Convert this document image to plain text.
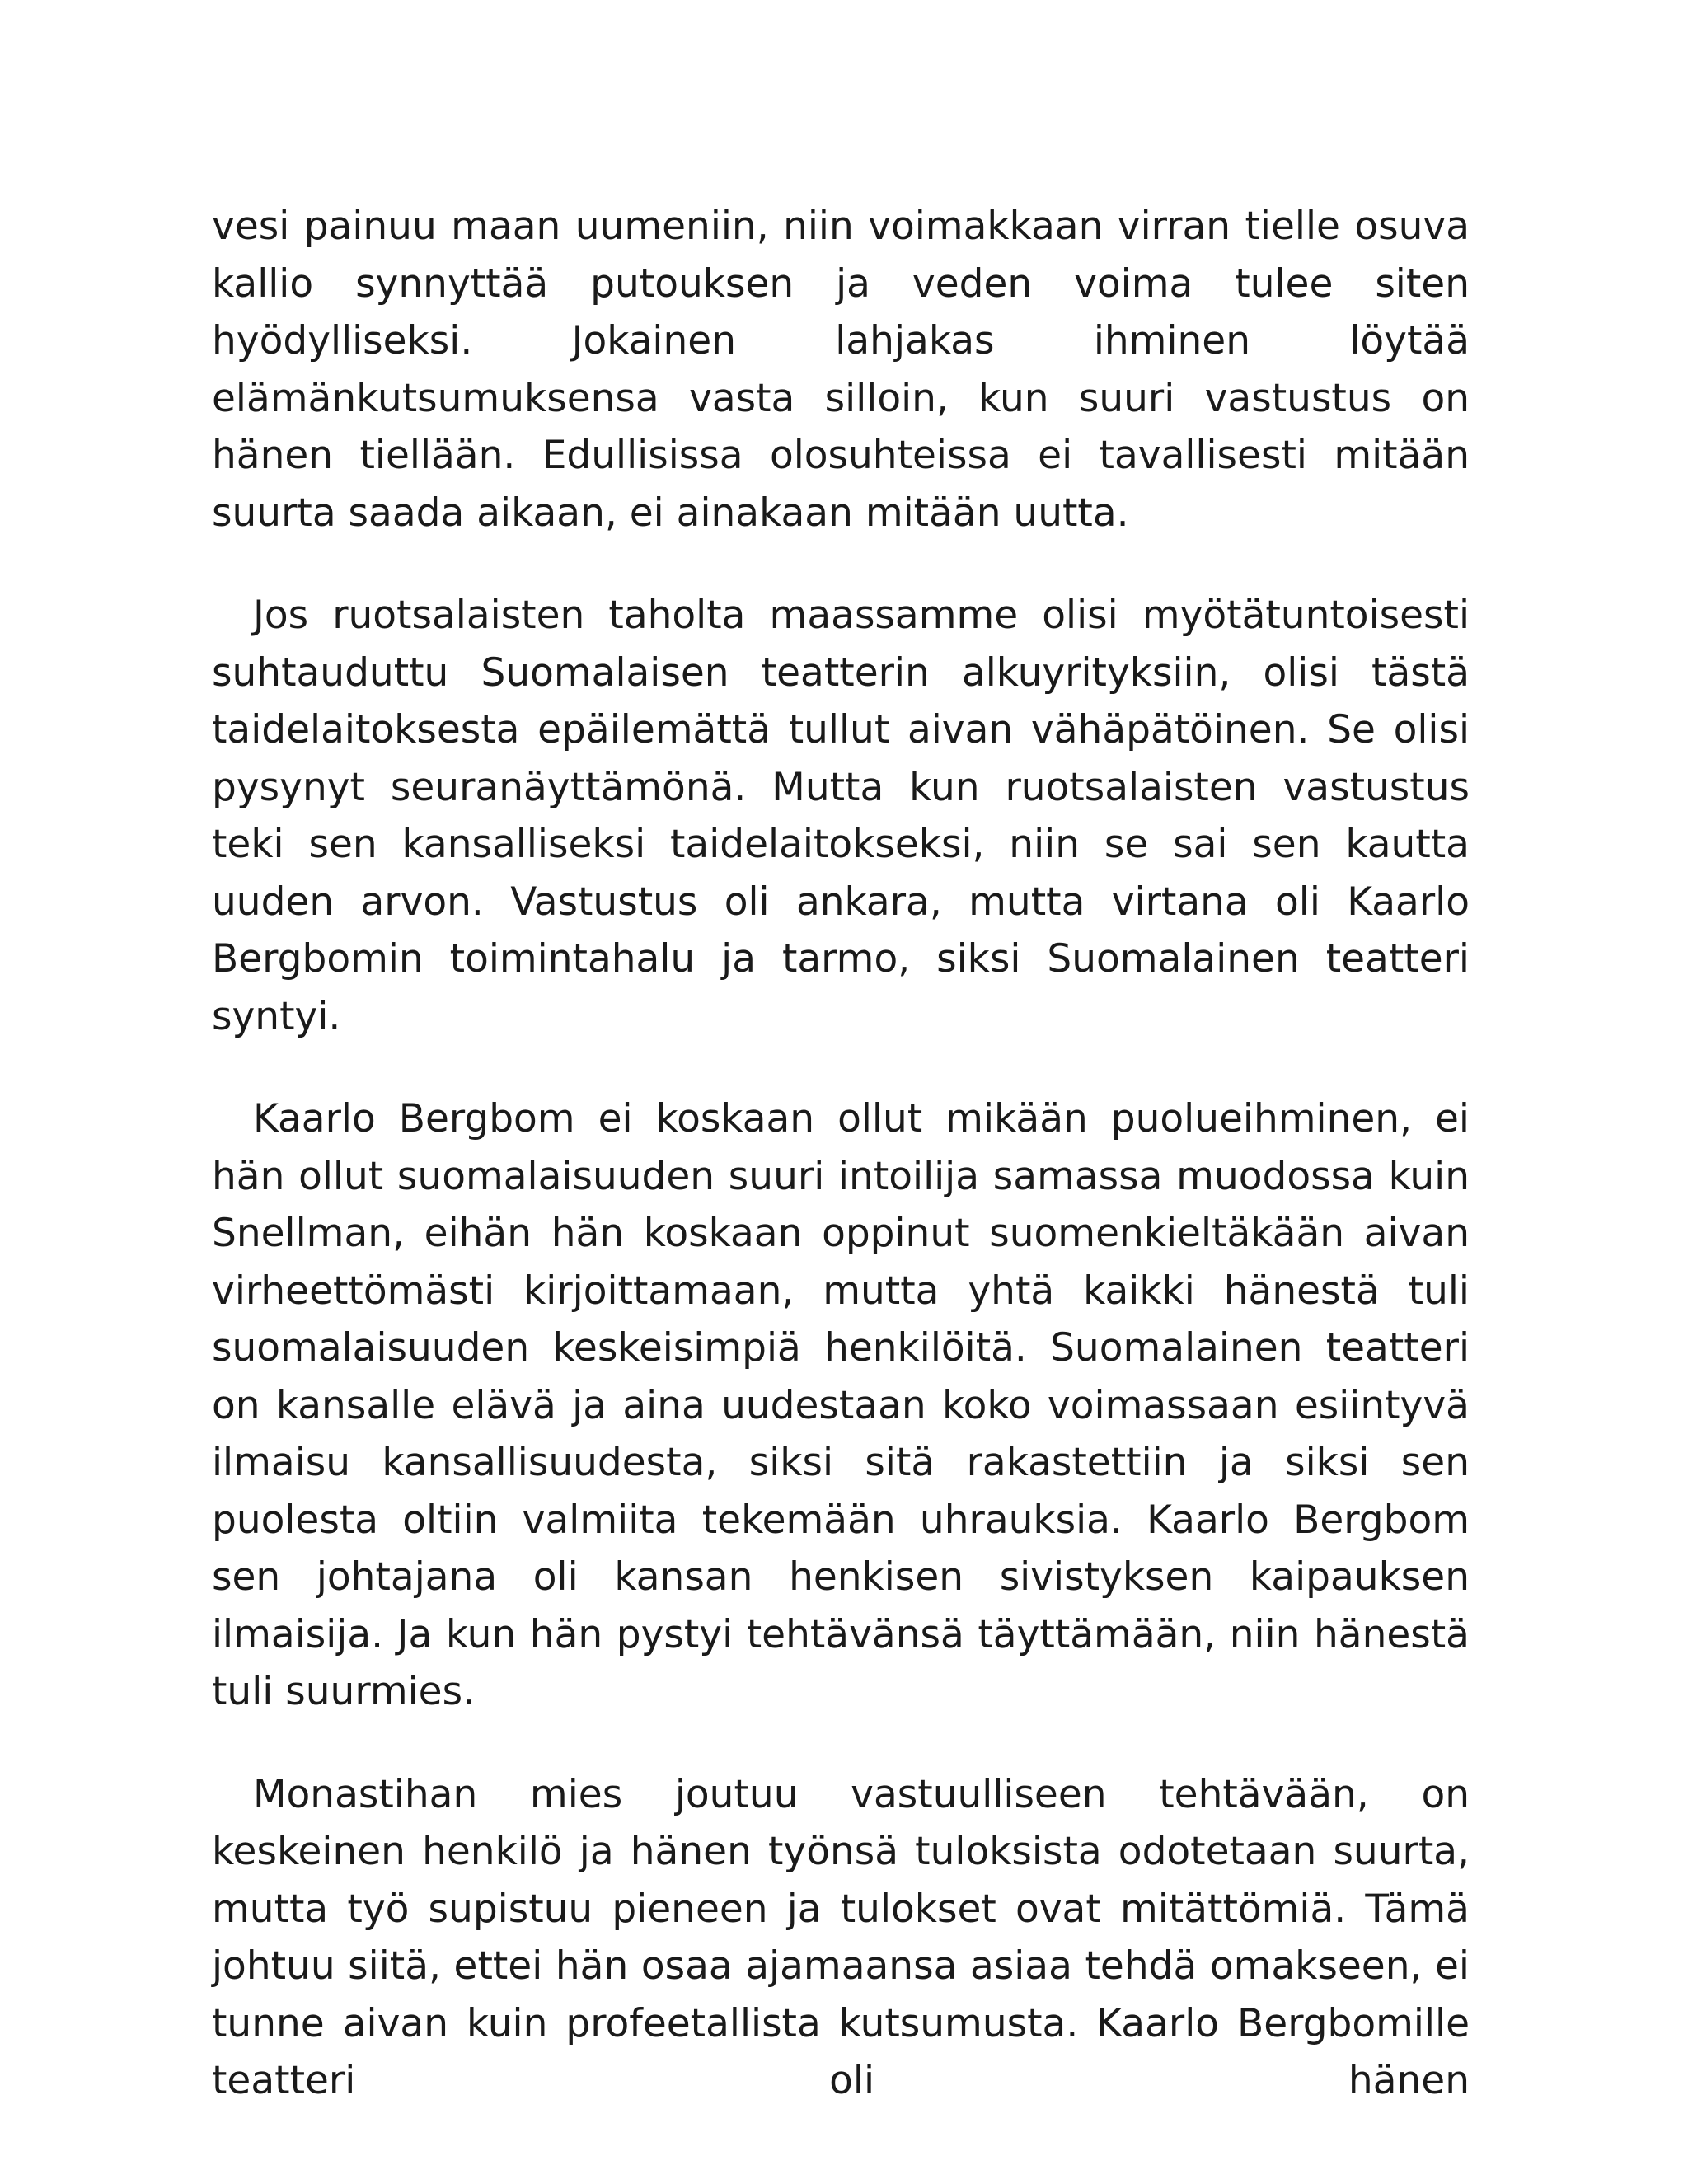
vesi painuu maan uumeniin, niin voimakkaan virran tielle osuva kallio synnyttää putouksen ja veden voima tulee siten hyödylliseksi. Jokainen lahjakas ihminen löytää elämänkutsumuksensa vasta silloin, kun suuri vastustus on hänen tiellään. Edullisissa olosuhteissa ei tavallisesti mitään suurta saada aikaan, ei ainakaan mitään uutta.

Jos ruotsalaisten taholta maassamme olisi myötätuntoisesti suhtauduttu Suomalaisen teatterin alkuyrityksiin, olisi tästä taidelaitoksesta epäilemättä tullut aivan vähäpätöinen. Se olisi pysynyt seuranäyttämönä. Mutta kun ruotsalaisten vastustus teki sen kansalliseksi taidelaitokseksi, niin se sai sen kautta uuden arvon. Vastustus oli ankara, mutta virtana oli Kaarlo Bergbomin toimintahalu ja tarmo, siksi Suomalainen teatteri syntyi.

Kaarlo Bergbom ei koskaan ollut mikään puolueihminen, ei hän ollut suomalaisuuden suuri intoilija samassa muodossa kuin Snellman, eihän hän koskaan oppinut suomenkieltäkään aivan virheettömästi kirjoittamaan, mutta yhtä kaikki hänestä tuli suomalaisuuden keskeisimpiä henkilöitä. Suomalainen teatteri on kansalle elävä ja aina uudestaan koko voimassaan esiintyvä ilmaisu kansallisuudesta, siksi sitä rakastettiin ja siksi sen puolesta oltiin valmiita tekemään uhrauksia. Kaarlo Bergbom sen johtajana oli kansan henkisen sivistyksen kaipauksen ilmaisija. Ja kun hän pystyi tehtävänsä täyttämään, niin hänestä tuli suurmies.

Monastihan mies joutuu vastuulliseen tehtävään, on keskeinen henkilö ja hänen työnsä tuloksista odotetaan suurta, mutta työ supistuu pieneen ja tulokset ovat mitättömiä. Tämä johtuu siitä, ettei hän osaa ajamaansa asiaa tehdä omakseen, ei tunne aivan kuin profeetallista kutsumusta. Kaarlo Bergbomille teatteri oli hänen
